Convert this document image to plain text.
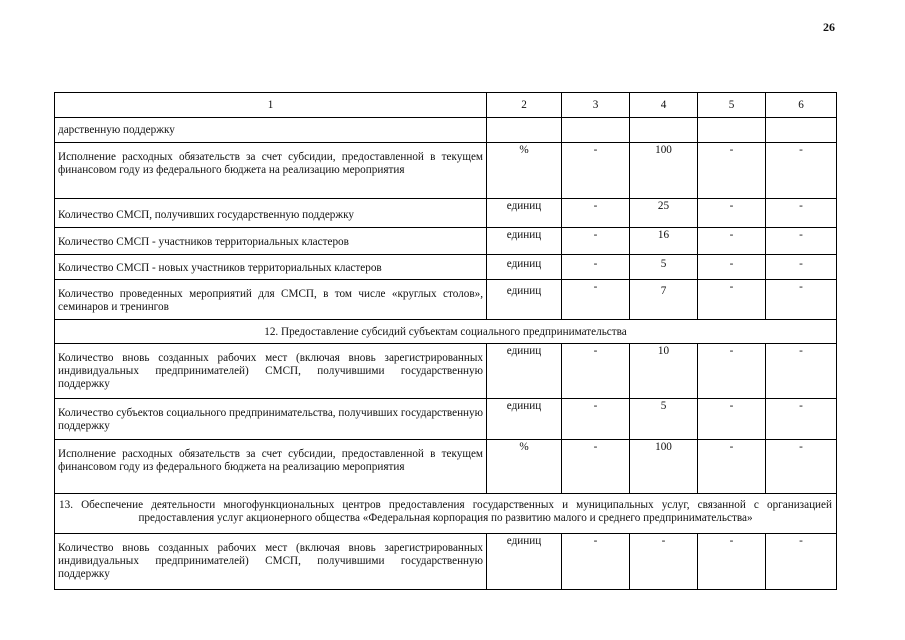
26
1	2	3	4	5	6
дарственную поддержку					
Исполнение расходных обязательств за счет субсидии, предоставленной в текущем финансовом году из федерального бюджета на реализацию мероприятия	%	-	100	-	-
Количество СМСП, получивших государственную поддержку	единиц	-	25	-	-
Количество СМСП - участников территориальных кластеров	единиц	-	16	-	-
Количество СМСП - новых участников территориальных кластеров	единиц	-	5	-	-
Количество проведенных мероприятий для СМСП, в том числе «круглых столов», семинаров и тренингов	единиц	-	7	-	-
12. Предоставление субсидий субъектам социального предпринимательства					
Количество вновь созданных рабочих мест (включая вновь зарегистрированных индивидуальных предпринимателей) СМСП, получившими государственную поддержку	единиц	-	10	-	-
Количество субъектов социального предпринимательства, получивших государственную поддержку	единиц	-	5	-	-
Исполнение расходных обязательств за счет субсидии, предоставленной в текущем финансовом году из федерального бюджета на реализацию мероприятия	%	-	100	-	-
13. Обеспечение деятельности многофункциональных центров предоставления государственных и муниципальных услуг, связанной с организацией предоставления услуг акционерного общества «Федеральная корпорация по развитию малого и среднего предпринимательства»					
Количество вновь созданных рабочих мест (включая вновь зарегистрированных индивидуальных предпринимателей) СМСП, получившими государственную поддержку	единиц	-	-	-	-
